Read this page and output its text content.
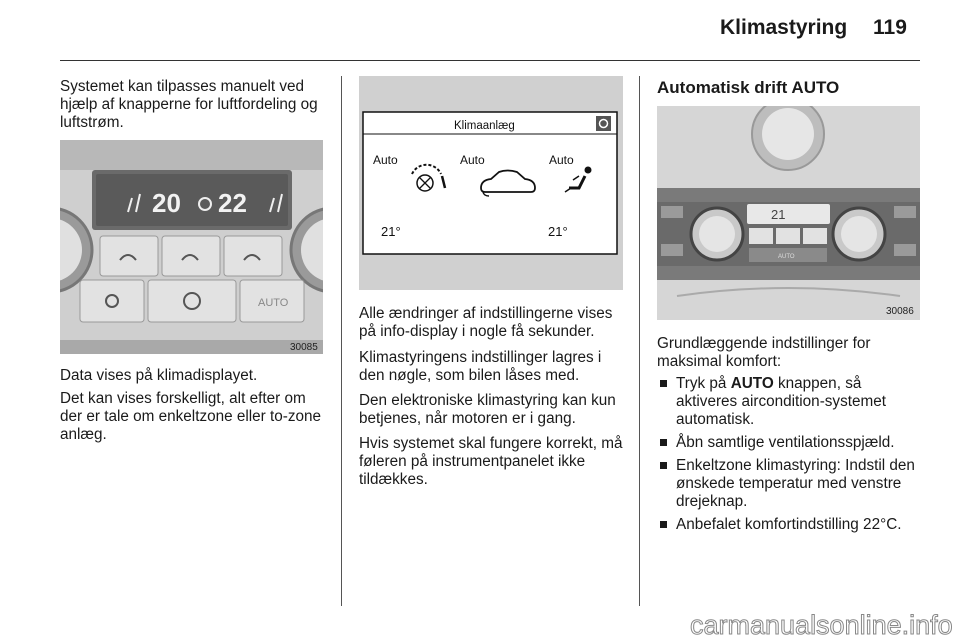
Klimastyring 119

Systemet kan tilpasses manuelt ved hjælp af knapperne for luftfordeling og luftstrøm.

20 22
AUTO
30085

Data vises på klimadisplayet.

Det kan vises forskelligt, alt efter om der er tale om enkeltzone eller to-zone anlæg.

Klimaanlæg
Auto	Auto	Auto
21°	21°

Alle ændringer af indstillingerne vises på info-display i nogle få sekunder.

Klimastyringens indstillinger lagres i den nøgle, som bilen låses med.

Den elektroniske klimastyring kan kun betjenes, når motoren er i gang.

Hvis systemet skal fungere korrekt, må føleren på instrumentpanelet ikke tildækkes.

Automatisk drift AUTO
21
AUTO
30086

Grundlæggende indstillinger for maksimal komfort:

Tryk på AUTO knappen, så aktiveres aircondition-systemet automatisk.
Åbn samtlige ventilationsspjæld.
Enkeltzone klimastyring: Indstil den ønskede temperatur med venstre drejeknap.
Anbefalet komfortindstilling 22°C.
carmanualsonline.info
